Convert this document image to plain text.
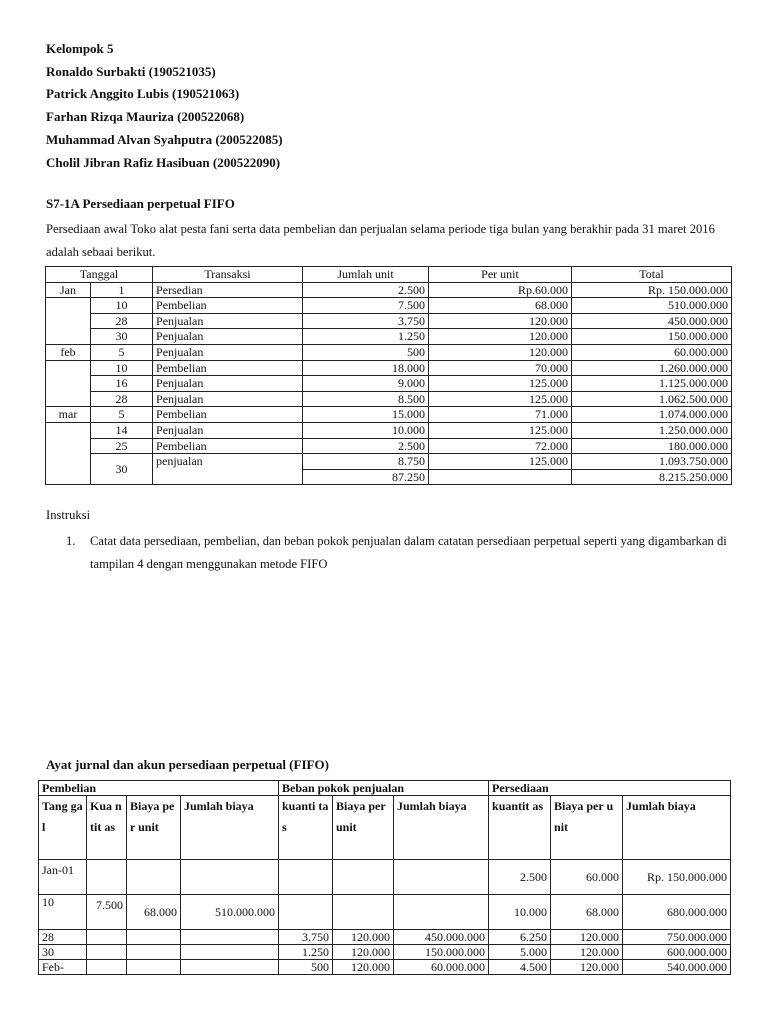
Kelompok 5
Ronaldo Surbakti (190521035)
Patrick Anggito Lubis (190521063)
Farhan Rizqa Mauriza (200522068)
Muhammad Alvan Syahputra (200522085)
Cholil Jibran Rafiz Hasibuan (200522090)
S7-1A Persediaan perpetual FIFO
Persediaan awal Toko alat pesta fani serta data pembelian dan perjualan selama periode tiga bulan yang berakhir pada 31 maret 2016 adalah sebaai berikut.
Tanggal		Transaksi	Jumlah unit	Per unit	Total
Jan	1	Persedian	2.500	Rp.60.000	Rp. 150.000.000
	10	Pembelian	7.500	68.000	510.000.000
	28	Penjualan	3.750	120.000	450.000.000
	30	Penjualan	1.250	120.000	150.000.000
feb	5	Penjualan	500	120.000	60.000.000
	10	Pembelian	18.000	70.000	1.260.000.000
	16	Penjualan	9.000	125.000	1.125.000.000
	28	Penjualan	8.500	125.000	1.062.500.000
mar	5	Pembelian	15.000	71.000	1.074.000.000
	14	Penjualan	10.000	125.000	1.250.000.000
	25	Pembelian	2.500	72.000	180.000.000
	30	penjualan	8.750	125.000	1.093.750.000
			87.250		8.215.250.000
Instruksi
1. Catat data persediaan, pembelian, dan beban pokok penjualan dalam catatan persediaan perpetual seperti yang digambarkan di tampilan 4 dengan menggunakan metode FIFO
Ayat jurnal dan akun persediaan perpetual (FIFO)
Pembelian				Beban pokok penjualan			Persediaan		
Tang gal	Kua ntit as	Biaya per unit	Jumlah biaya	kuanti tas	Biaya per unit	Jumlah biaya	kuantit as	Biaya per unit	Jumlah biaya
Jan-01							2.500	60.000	Rp. 150.000.000
10	7.500	68.000	510.000.000				10.000	68.000	680.000.000
28				3.750	120.000	450.000.000	6.250	120.000	750.000.000
30				1.250	120.000	150.000.000	5.000	120.000	600.000.000
Feb-				500	120.000	60.000.000	4.500	120.000	540.000.000
